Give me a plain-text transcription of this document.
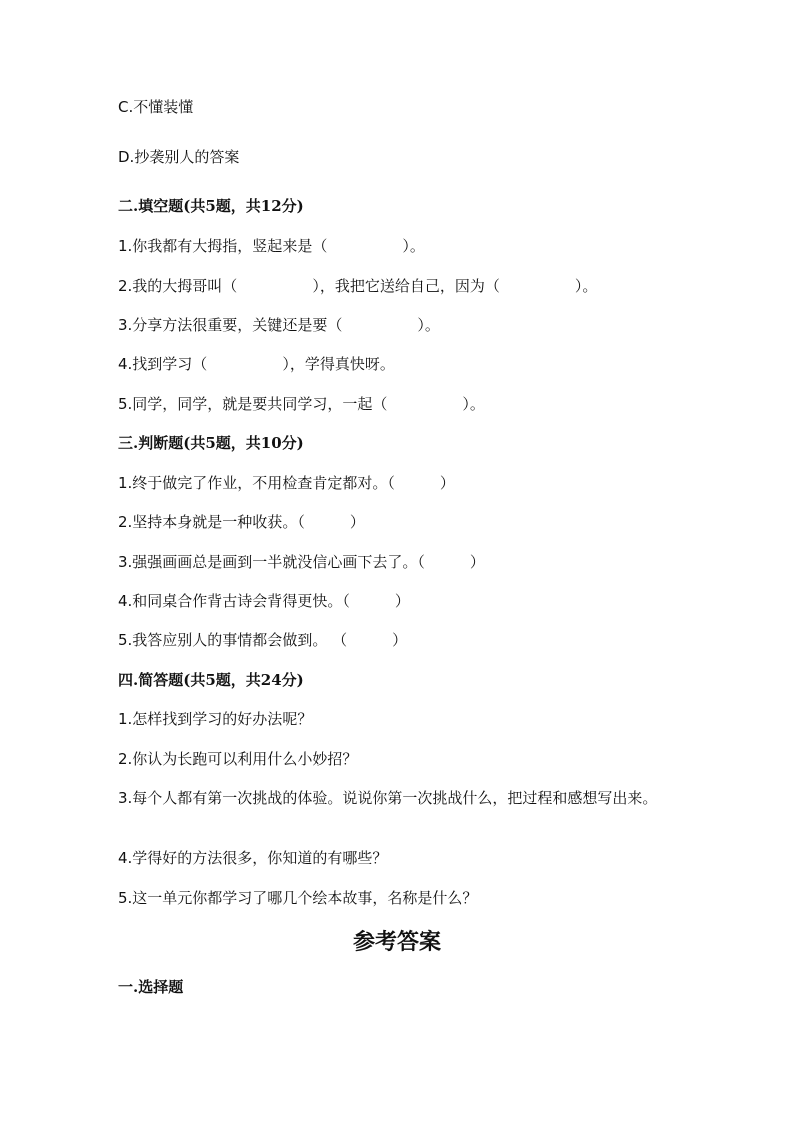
C.不懂装懂
D.抄袭别人的答案
二.填空题(共5题，共12分)
1.你我都有大拇指，竖起来是（　　　　　）。
2.我的大拇哥叫（　　　　　），我把它送给自己，因为（　　　　　）。
3.分享方法很重要，关键还是要（　　　　　）。
4.找到学习（　　　　　），学得真快呀。
5.同学，同学，就是要共同学习，一起（　　　　　）。
三.判断题(共5题，共10分)
1.终于做完了作业，不用检查肯定都对。（　　　）
2.坚持本身就是一种收获。（　　　）
3.强强画画总是画到一半就没信心画下去了。（　　　）
4.和同桌合作背古诗会背得更快。（　　　）
5.我答应别人的事情都会做到。 （　　　）
四.简答题(共5题，共24分)
1.怎样找到学习的好办法呢？
2.你认为长跑可以利用什么小妙招？
3.每个人都有第一次挑战的体验。说说你第一次挑战什么，把过程和感想写出来。
4.学得好的方法很多，你知道的有哪些？
5.这一单元你都学习了哪几个绘本故事，名称是什么？
参考答案
一.选择题
